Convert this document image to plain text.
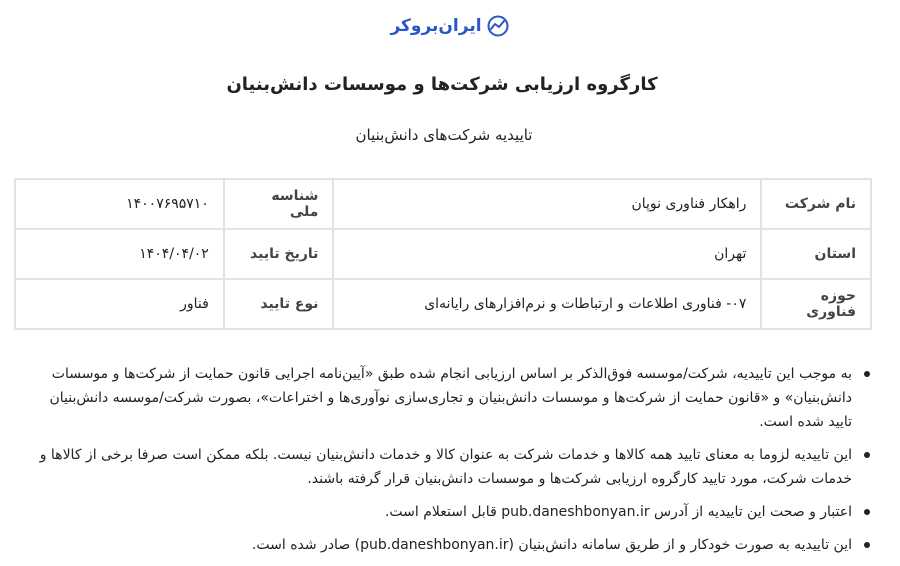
ایران‌بروکر
کارگروه ارزیابی شرکت‌ها و موسسات دانش‌بنیان
تاییدیه شرکت‌های دانش‌بنیان
نام شرکت	راهکار فناوری نوپان	شناسه ملی	۱۴۰۰۷۶۹۵۷۱۰
استان	تهران	تاریخ تایید	۱۴۰۴/۰۴/۰۲
حوزه فناوری	۰۷- فناوری اطلاعات و ارتباطات و نرم‌افزارهای رایانه‌ای	نوع تایید	فناور
به موجب این تاییدیه، شرکت/موسسه فوق‌الذکر بر اساس ارزیابی انجام شده طبق «آیین‌نامه اجرایی قانون حمایت از شرکت‌ها و موسسات دانش‌بنیان» و «قانون حمایت از شرکت‌ها و موسسات دانش‌بنیان و تجاری‌سازی نوآوری‌ها و اختراعات»، بصورت شرکت/موسسه دانش‌بنیان تایید شده است.
این تاییدیه لزوما به معنای تایید همه کالاها و خدمات شرکت به عنوان کالا و خدمات دانش‌بنیان نیست. بلکه ممکن است صرفا برخی از کالاها و خدمات شرکت، مورد تایید کارگروه ارزیابی شرکت‌ها و موسسات دانش‌بنیان قرار گرفته باشند.
اعتبار و صحت این تاییدیه از آدرس pub.daneshbonyan.ir قابل استعلام است.
این تاییدیه به صورت خودکار و از طریق سامانه دانش‌بنیان (pub.daneshbonyan.ir) صادر شده است.
